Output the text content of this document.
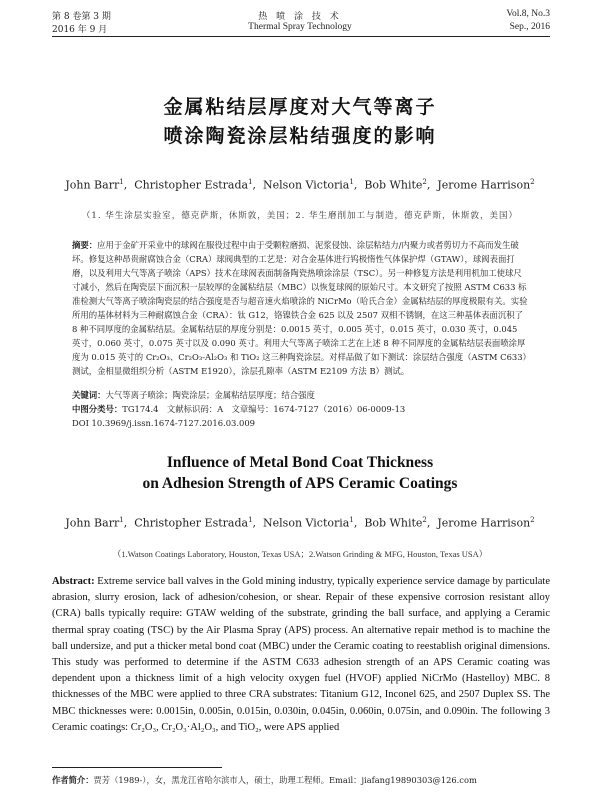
第 8 卷第 3 期
2016 年 9 月
热 喷 涂 技 术
Thermal Spray Technology
Vol.8, No.3
Sep., 2016
金属粘结层厚度对大气等离子
喷涂陶瓷涂层粘结强度的影响
John Barr$^1$,  Christopher Estrada$^1$,  Nelson Victoria$^1$,  Bob White$^2$,  Jerome Harrison$^2$
（1. 华生涂层实验室，德克萨斯，休斯敦，美国；2. 华生磨削加工与制造，德克萨斯，休斯敦，美国）
摘要：应用于金矿开采业中的球阀在服役过程中由于受颗粒磨损、泥浆侵蚀、涂层粘结力/内聚力或者剪切力不高而发生破坏。修复这种昂贵耐腐蚀合金（CRA）球阀典型的工艺是：对合金基体进行钨极惰性气体保护焊（GTAW），球阀表面打磨，以及利用大气等离子喷涂（APS）技术在球阀表面制备陶瓷热喷涂涂层（TSC）。另一种修复方法是利用机加工使球尺寸减小，然后在陶瓷层下面沉积一层较厚的金属粘结层（MBC）以恢复球阀的原始尺寸。本文研究了按照 ASTM C633 标准检测大气等离子喷涂陶瓷层的结合强度是否与超音速火焰喷涂的 NiCrMo（哈氏合金）金属粘结层的厚度极限有关。实验所用的基体材料为三种耐腐蚀合金（CRA）：钛 G12，铬镍铁合金 625 以及 2507 双相不锈钢，在这三种基体表面沉积了 8 种不同厚度的金属粘结层。金属粘结层的厚度分别是：0.0015 英寸，0.005 英寸，0.015 英寸，0.030 英寸，0.045 英寸，0.060 英寸，0.075 英寸以及 0.090 英寸。利用大气等离子喷涂工艺在上述 8 种不同厚度的金属粘结层表面喷涂厚度为 0.015 英寸的 Cr₂O₃、Cr₂O₃-Al₂O₃ 和 TiO₂ 这三种陶瓷涂层。对样品做了如下测试：涂层结合强度（ASTM C633）测试，金相显微组织分析（ASTM E1920），涂层孔隙率（ASTM E2109 方法 B）测试。
关键词：大气等离子喷涂；陶瓷涂层；金属粘结层厚度；结合强度
中图分类号：TG174.4　文献标识码：A　文章编号：1674-7127（2016）06-0009-13
DOI 10.3969/j.issn.1674-7127.2016.03.009
Influence of Metal Bond Coat Thickness
on Adhesion Strength of APS Ceramic Coatings
John Barr$^1$,  Christopher Estrada$^1$,  Nelson Victoria$^1$,  Bob White$^2$,  Jerome Harrison$^2$
（1.Watson Coatings Laboratory, Houston, Texas USA；2.Watson Grinding & MFG, Houston, Texas USA）
Abstract: Extreme service ball valves in the Gold mining industry, typically experience service damage by particulate abrasion, slurry erosion, lack of adhesion/cohesion, or shear. Repair of these expensive corrosion resistant alloy (CRA) balls typically require: GTAW welding of the substrate, grinding the ball surface, and applying a Ceramic thermal spray coating (TSC) by the Air Plasma Spray (APS) process. An alternative repair method is to machine the ball undersize, and put a thicker metal bond coat (MBC) under the Ceramic coating to reestablish original dimensions. This study was performed to determine if the ASTM C633 adhesion strength of an APS Ceramic coating was dependent upon a thickness limit of a high velocity oxygen fuel (HVOF) applied NiCrMo (Hastelloy) MBC. 8 thicknesses of the MBC were applied to three CRA substrates: Titanium G12, Inconel 625, and 2507 Duplex SS. The MBC thicknesses were: 0.0015in, 0.005in, 0.015in, 0.030in, 0.045in, 0.060in, 0.075in, and 0.090in. The following 3 Ceramic coatings: Cr₂O₃, Cr₂O₃·Al₂O₃, and TiO₂, were APS applied
作者简介：贾芳（1989-），女，黑龙江省哈尔滨市人，硕士，助理工程师。Email：jiafang19890303@126.com
